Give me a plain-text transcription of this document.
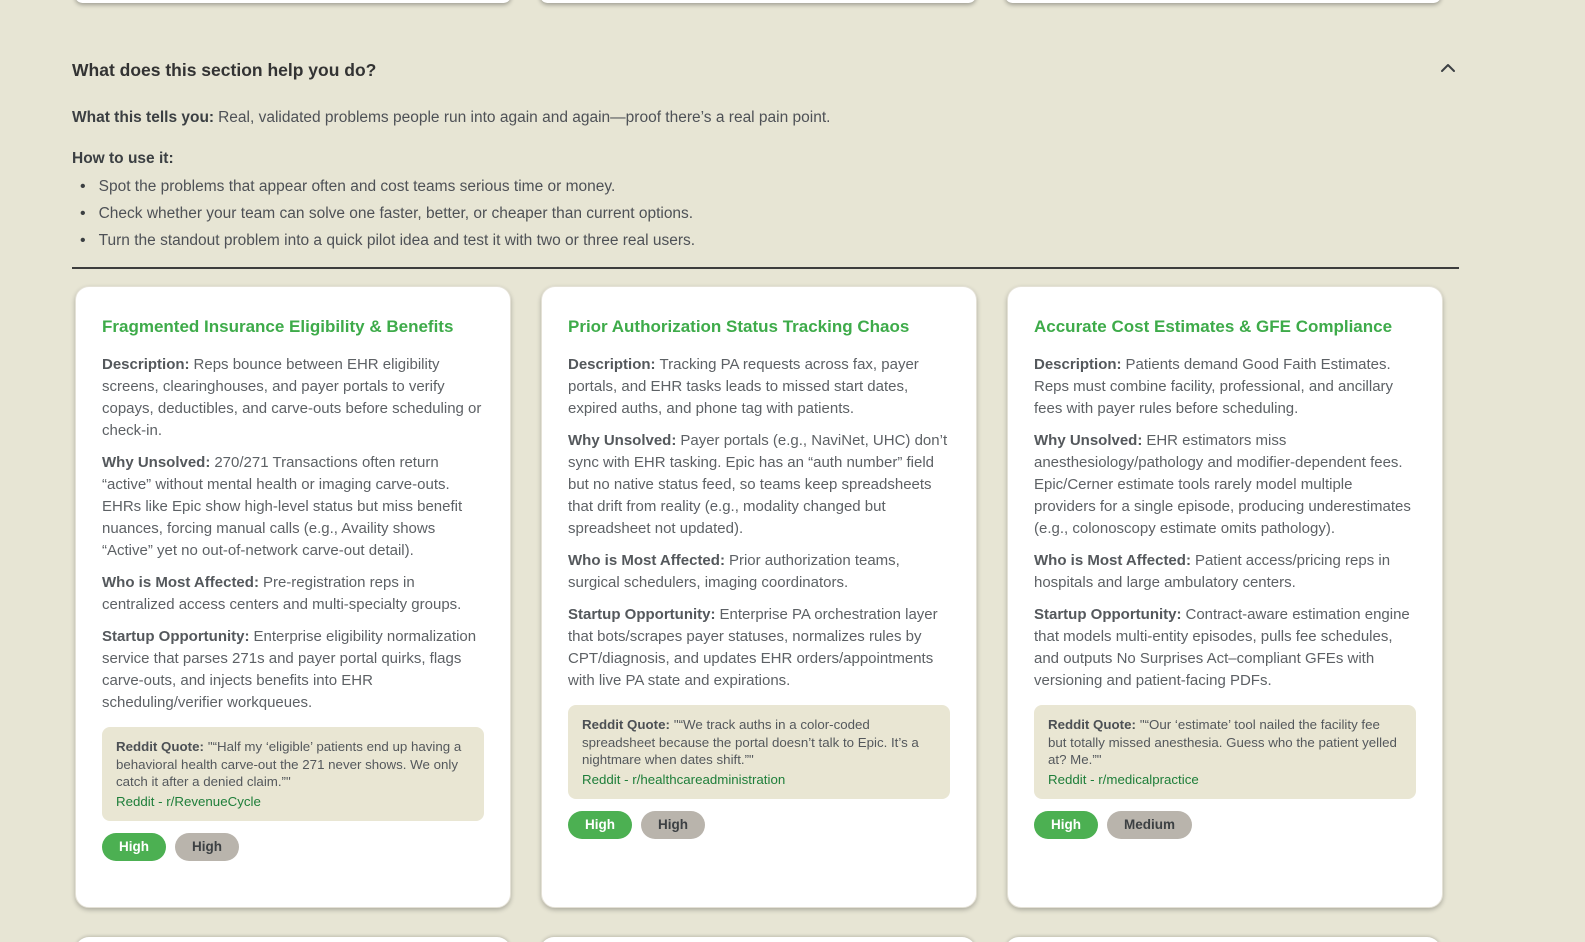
What does this section help you do?

What this tells you: Real, validated problems people run into again and again—proof there’s a real pain point.

How to use it:

• Spot the problems that appear often and cost teams serious time or money.
• Check whether your team can solve one faster, better, or cheaper than current options.
• Turn the standout problem into a quick pilot idea and test it with two or three real users.
Fragmented Insurance Eligibility & Benefits

Description: Reps bounce between EHR eligibility screens, clearinghouses, and payer portals to verify copays, deductibles, and carve-outs before scheduling or check-in.

Why Unsolved: 270/271 Transactions often return “active” without mental health or imaging carve-outs. EHRs like Epic show high-level status but miss benefit nuances, forcing manual calls (e.g., Availity shows “Active” yet no out-of-network carve-out detail).

Who is Most Affected: Pre-registration reps in centralized access centers and multi-specialty groups.

Startup Opportunity: Enterprise eligibility normalization service that parses 271s and payer portal quirks, flags carve-outs, and injects benefits into EHR scheduling/verifier workqueues.

Reddit Quote: "“Half my ‘eligible’ patients end up having a behavioral health carve-out the 271 never shows. We only catch it after a denied claim.”"

Reddit - r/RevenueCycle
High	High
Prior Authorization Status Tracking Chaos

Description: Tracking PA requests across fax, payer portals, and EHR tasks leads to missed start dates, expired auths, and phone tag with patients.

Why Unsolved: Payer portals (e.g., NaviNet, UHC) don’t sync with EHR tasking. Epic has an “auth number” field but no native status feed, so teams keep spreadsheets that drift from reality (e.g., modality changed but spreadsheet not updated).

Who is Most Affected: Prior authorization teams, surgical schedulers, imaging coordinators.

Startup Opportunity: Enterprise PA orchestration layer that bots/scrapes payer statuses, normalizes rules by CPT/diagnosis, and updates EHR orders/appointments with live PA state and expirations.

Reddit Quote: "“We track auths in a color-coded spreadsheet because the portal doesn’t talk to Epic. It’s a nightmare when dates shift.”"

Reddit - r/healthcareadministration
High	High
Accurate Cost Estimates & GFE Compliance

Description: Patients demand Good Faith Estimates. Reps must combine facility, professional, and ancillary fees with payer rules before scheduling.

Why Unsolved: EHR estimators miss anesthesiology/pathology and modifier-dependent fees. Epic/Cerner estimate tools rarely model multiple providers for a single episode, producing underestimates (e.g., colonoscopy estimate omits pathology).

Who is Most Affected: Patient access/pricing reps in hospitals and large ambulatory centers.

Startup Opportunity: Contract-aware estimation engine that models multi-entity episodes, pulls fee schedules, and outputs No Surprises Act–compliant GFEs with versioning and patient-facing PDFs.

Reddit Quote: "“Our ‘estimate’ tool nailed the facility fee but totally missed anesthesia. Guess who the patient yelled at? Me.”"

Reddit - r/medicalpractice
High	Medium
